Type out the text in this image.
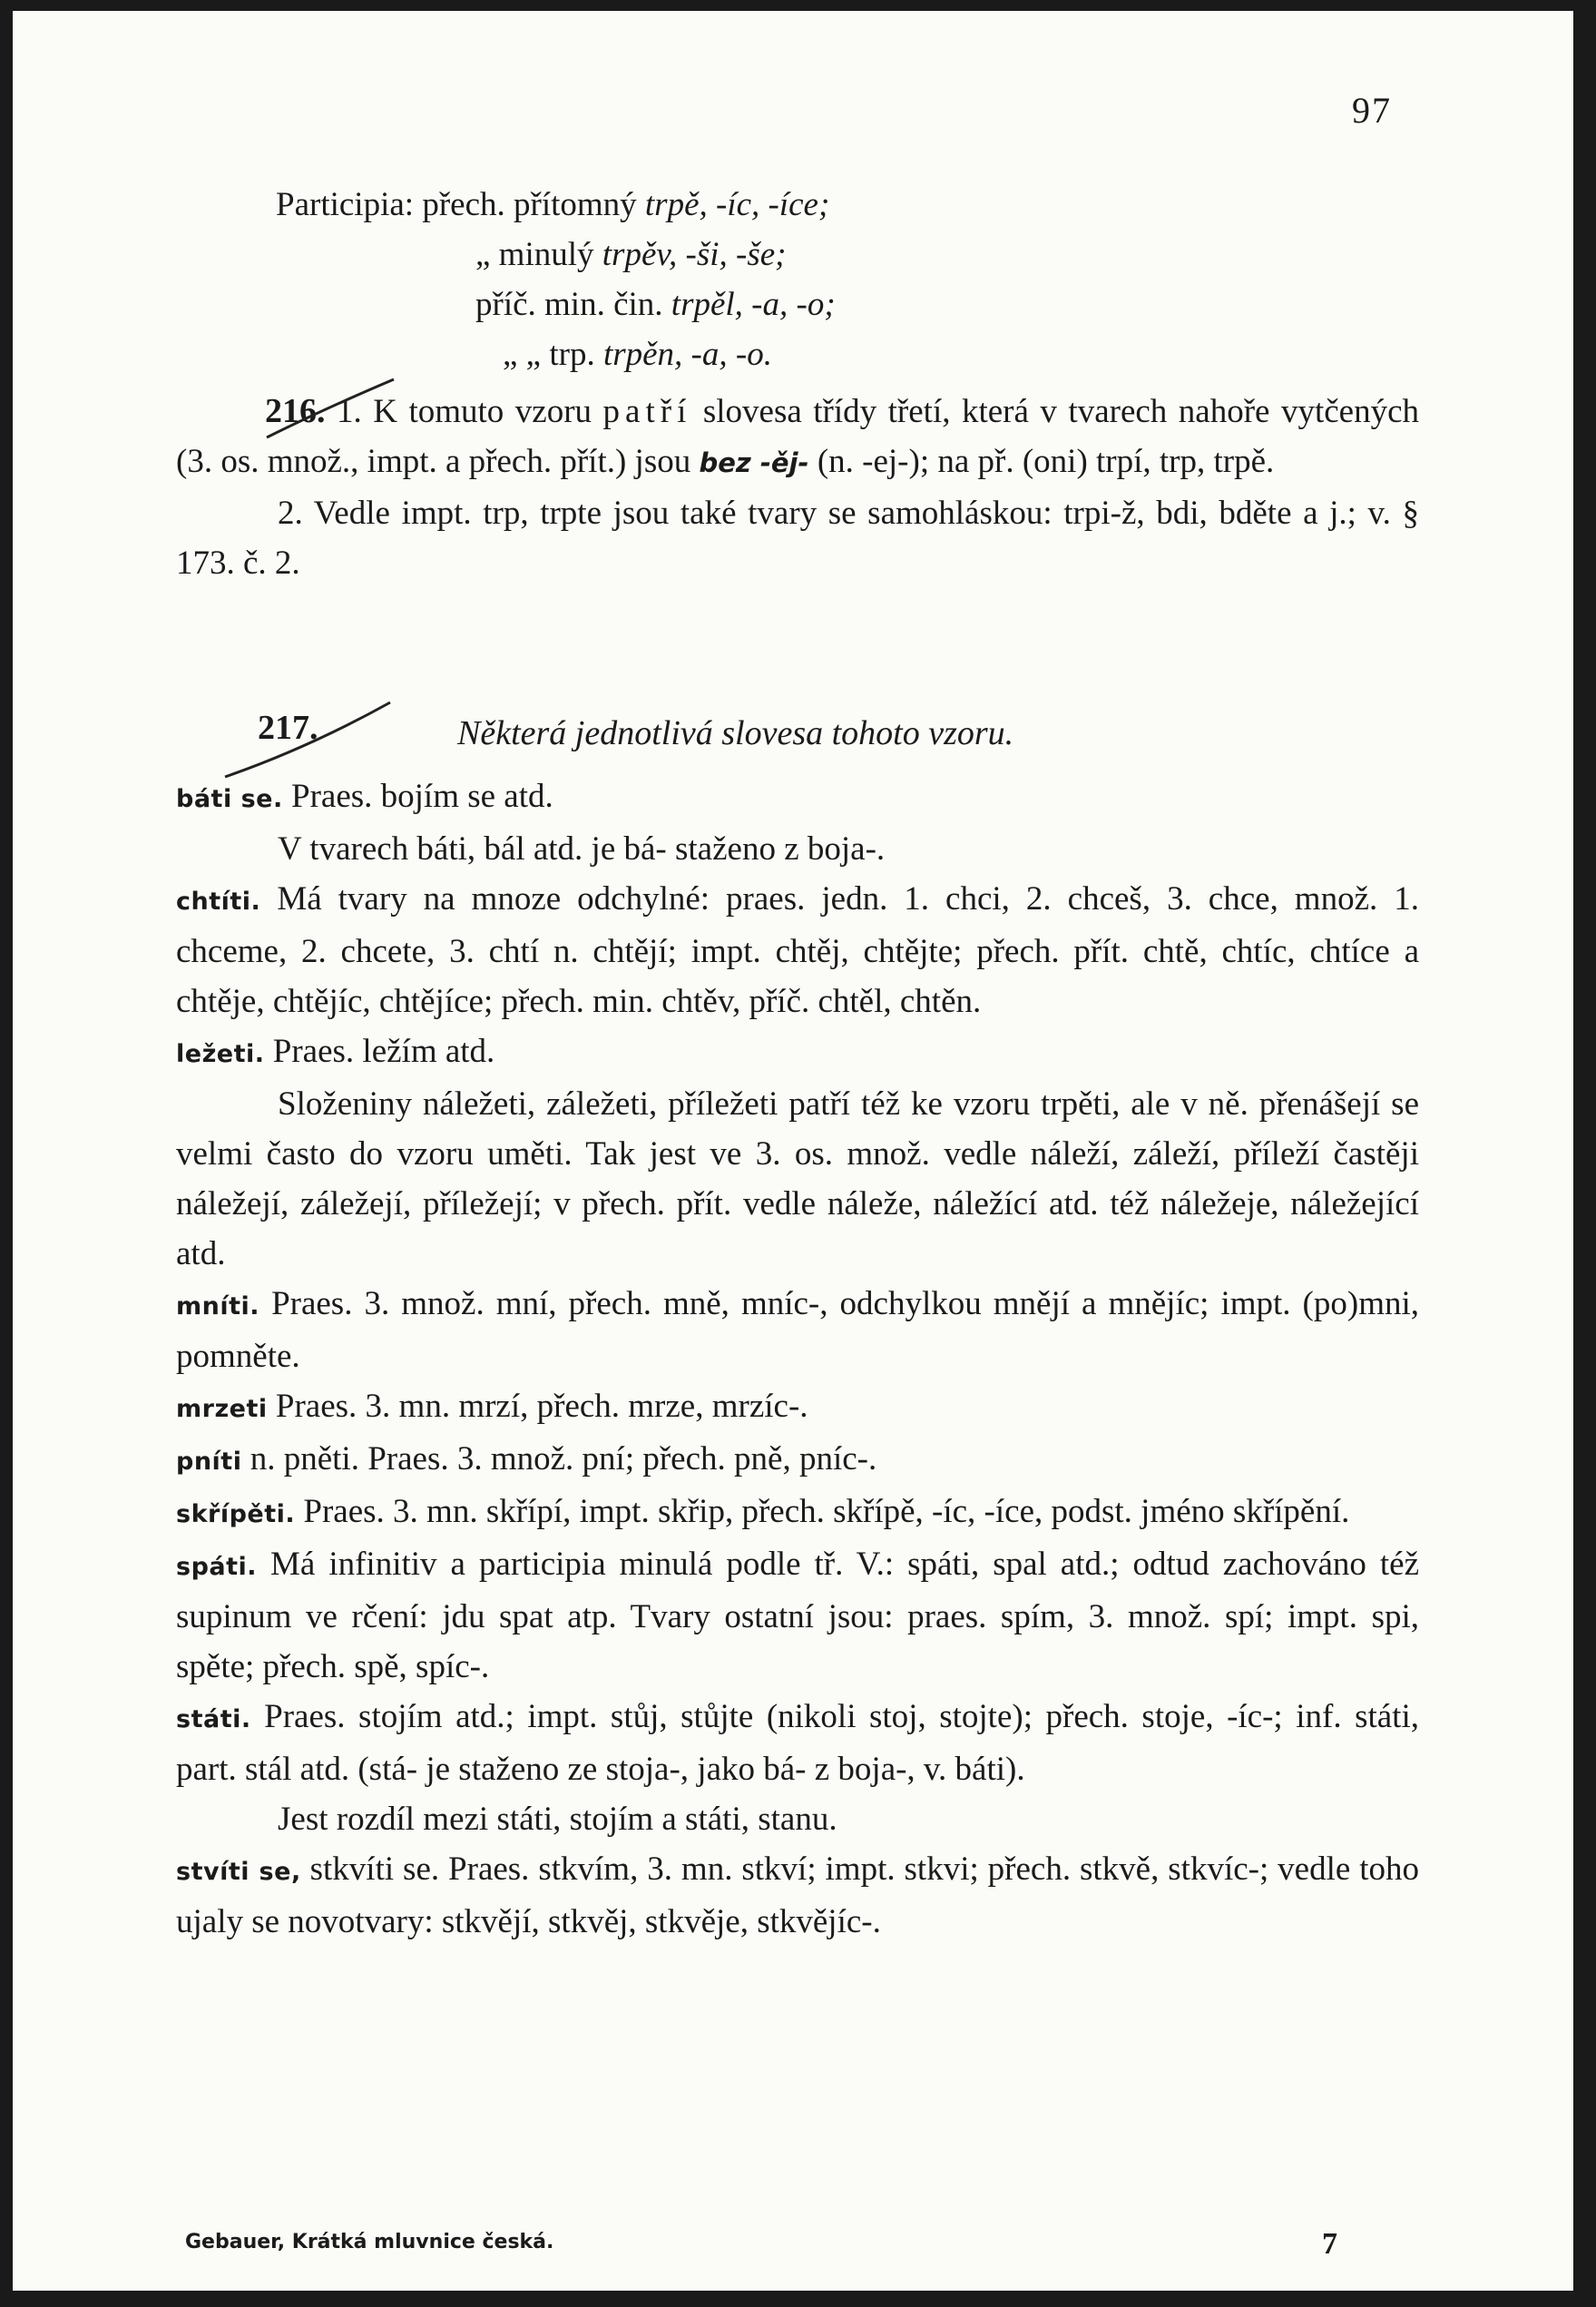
97
Participia: přech. přítomný trpě, -íc, -íce;
„ minulý trpěv, -ši, -še;
příč. min. čin. trpěl, -a, -o;
„ „ trp. trpěn, -a, -o.

216. 1. K tomuto vzoru patří slovesa třídy třetí, která v tvarech nahoře vytčených (3. os. množ., impt. a přech. přít.) jsou bez -ěj- (n. -ej-); na př. (oni) trpí, trp, trpě.

2. Vedle impt. trp, trpte jsou také tvary se samohláskou: trpi-ž, bdi, bděte a j.; v. § 173. č. 2.

217.	Některá jednotlivá slovesa tohoto vzoru.

báti se. Praes. bojím se atd.

V tvarech báti, bál atd. je bá- staženo z boja-.

chtíti. Má tvary na mnoze odchylné: praes. jedn. 1. chci, 2. chceš, 3. chce, množ. 1. chceme, 2. chcete, 3. chtí n. chtějí; impt. chtěj, chtějte; přech. přít. chtě, chtíc, chtíce a chtěje, chtějíc, chtějíce; přech. min. chtěv, příč. chtěl, chtěn.

ležeti. Praes. ležím atd.

Složeniny náležeti, záležeti, příležeti patří též ke vzoru trpěti, ale v ně. přenášejí se velmi často do vzoru uměti. Tak jest ve 3. os. množ. vedle náleží, záleží, příleží častěji náležejí, záležejí, příležejí; v přech. přít. vedle náleže, náležící atd. též náležeje, náležející atd.

mníti. Praes. 3. množ. mní, přech. mně, mníc-, odchylkou mnějí a mnějíc; impt. (po)mni, pomněte.

mrzeti Praes. 3. mn. mrzí, přech. mrze, mrzíc-.

pníti n. pněti. Praes. 3. množ. pní; přech. pně, pníc-.

skřípěti. Praes. 3. mn. skřípí, impt. skřip, přech. skřípě, -íc, -íce, podst. jméno skřípění.

spáti. Má infinitiv a participia minulá podle tř. V.: spáti, spal atd.; odtud zachováno též supinum ve rčení: jdu spat atp. Tvary ostatní jsou: praes. spím, 3. množ. spí; impt. spi, spěte; přech. spě, spíc-.

státi. Praes. stojím atd.; impt. stůj, stůjte (nikoli stoj, stojte); přech. stoje, -íc-; inf. státi, part. stál atd. (stá- je staženo ze stoja-, jako bá- z boja-, v. báti).

Jest rozdíl mezi státi, stojím a státi, stanu.

stvíti se, stkvíti se. Praes. stkvím, 3. mn. stkví; impt. stkvi; přech. stkvě, stkvíc-; vedle toho ujaly se novotvary: stkvějí, stkvěj, stkvěje, stkvějíc-.

Gebauer, Krátká mluvnice česká.	7
